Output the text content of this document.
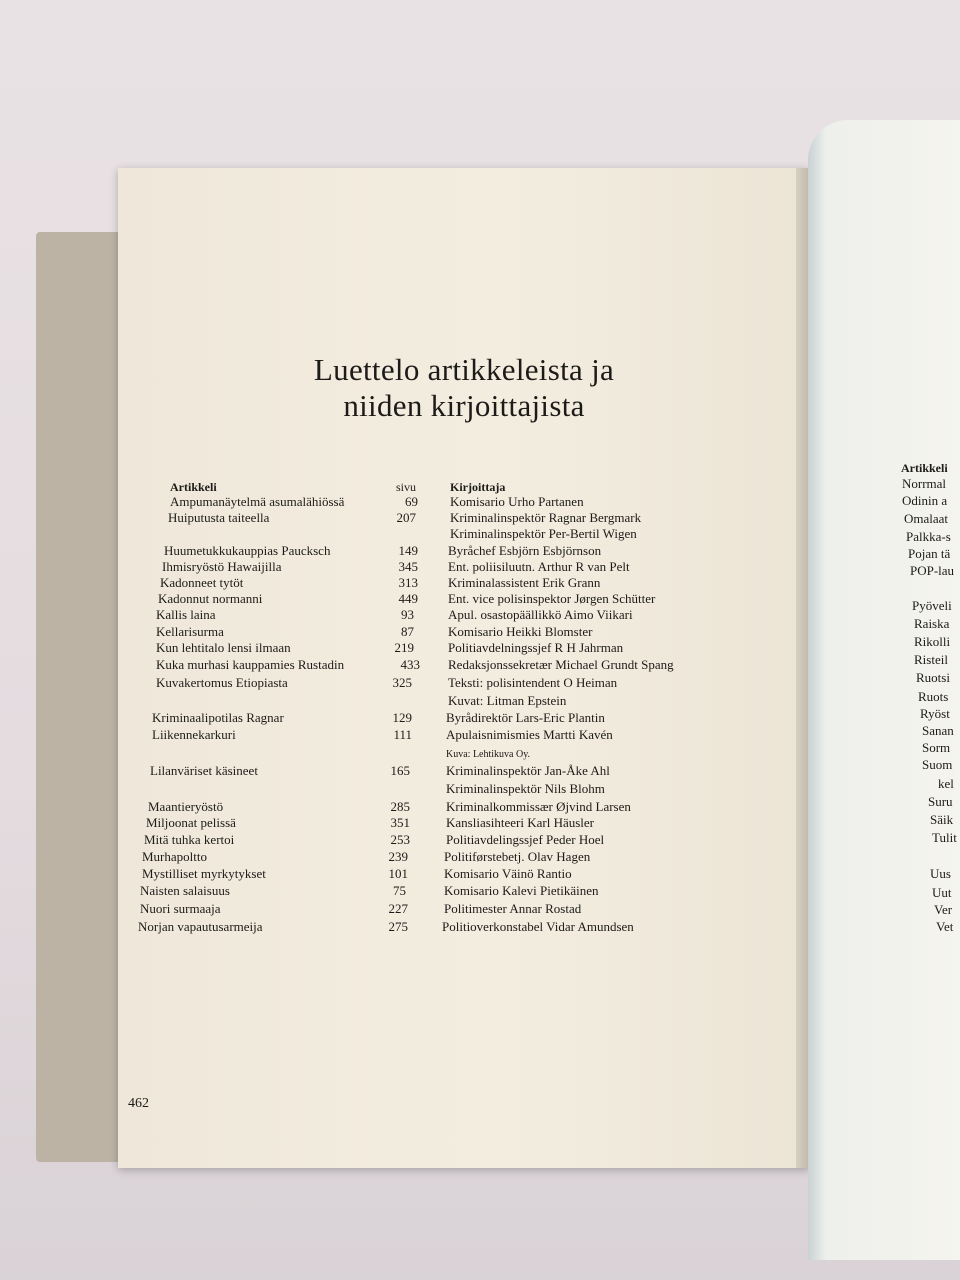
Luettelo artikkeleista ja
niiden kirjoittajista
Artikkeli	sivu	Kirjoittaja
Ampumanäytelmä asumalähiössä	69 Komisario Urho Partanen
Huiputusta taiteella	207	Kriminalinspektör Ragnar Bergmark
Kriminalinspektör Per-Bertil Wigen
Huumetukkukauppias Paucksch	149 Byråchef Esbjörn Esbjörnson
Ihmisryöstö Hawaijilla	345 Ent. poliisiluutn. Arthur R van Pelt
Kadonneet tytöt	313 Kriminalassistent Erik Grann
Kadonnut normanni	449 Ent. vice polisinspektor Jørgen Schütter
Kallis laina	93	Apul. osastopäällikkö Aimo Viikari
Kellarisurma	87	Komisario Heikki Blomster
Kun lehtitalo lensi ilmaan	219	Politiavdelningssjef R H Jahrman
Kuka murhasi kauppamies Rustadin	433 Redaksjonssekretær Michael Grundt Spang
Kuvakertomus Etiopiasta	325	Teksti: polisintendent O Heiman
Kuvat: Litman Epstein
Kriminaalipotilas Ragnar	129	Byrådirektör Lars-Eric Plantin
Liikennekarkuri	111	Apulaisnimismies Martti Kavén
Kuva: Lehtikuva Oy.
Lilanväriset käsineet	165	Kriminalinspektör Jan-Åke Ahl
Kriminalinspektör Nils Blohm
Maantieryöstö	285	Kriminalkommissær Øjvind Larsen
Miljoonat pelissä	351	Kansliasihteeri Karl Häusler
Mitä tuhka kertoi	253	Politiavdelingssjef Peder Hoel
Murhapoltto	239	Politiførstebetj. Olav Hagen
Mystilliset myrkytykset	101	Komisario Väinö Rantio
Naisten salaisuus	75	Komisario Kalevi Pietikäinen
Nuori surmaaja	227	Politimester Annar Rostad
Norjan vapautusarmeija	275	Politioverkonstabel Vidar Amundsen
462
Artikkeli
Norrmal
Odinin a
Omalaat
Palkka-s
Pojan tä
POP-lau
Pyöveli
Raiska
Rikolli
Risteil
Ruotsi
Ruots
Ryöst
Sanan
Sorm
Suom
kel
Suru
Säik
Tulit
Uus
Uut
Ver
Vet
